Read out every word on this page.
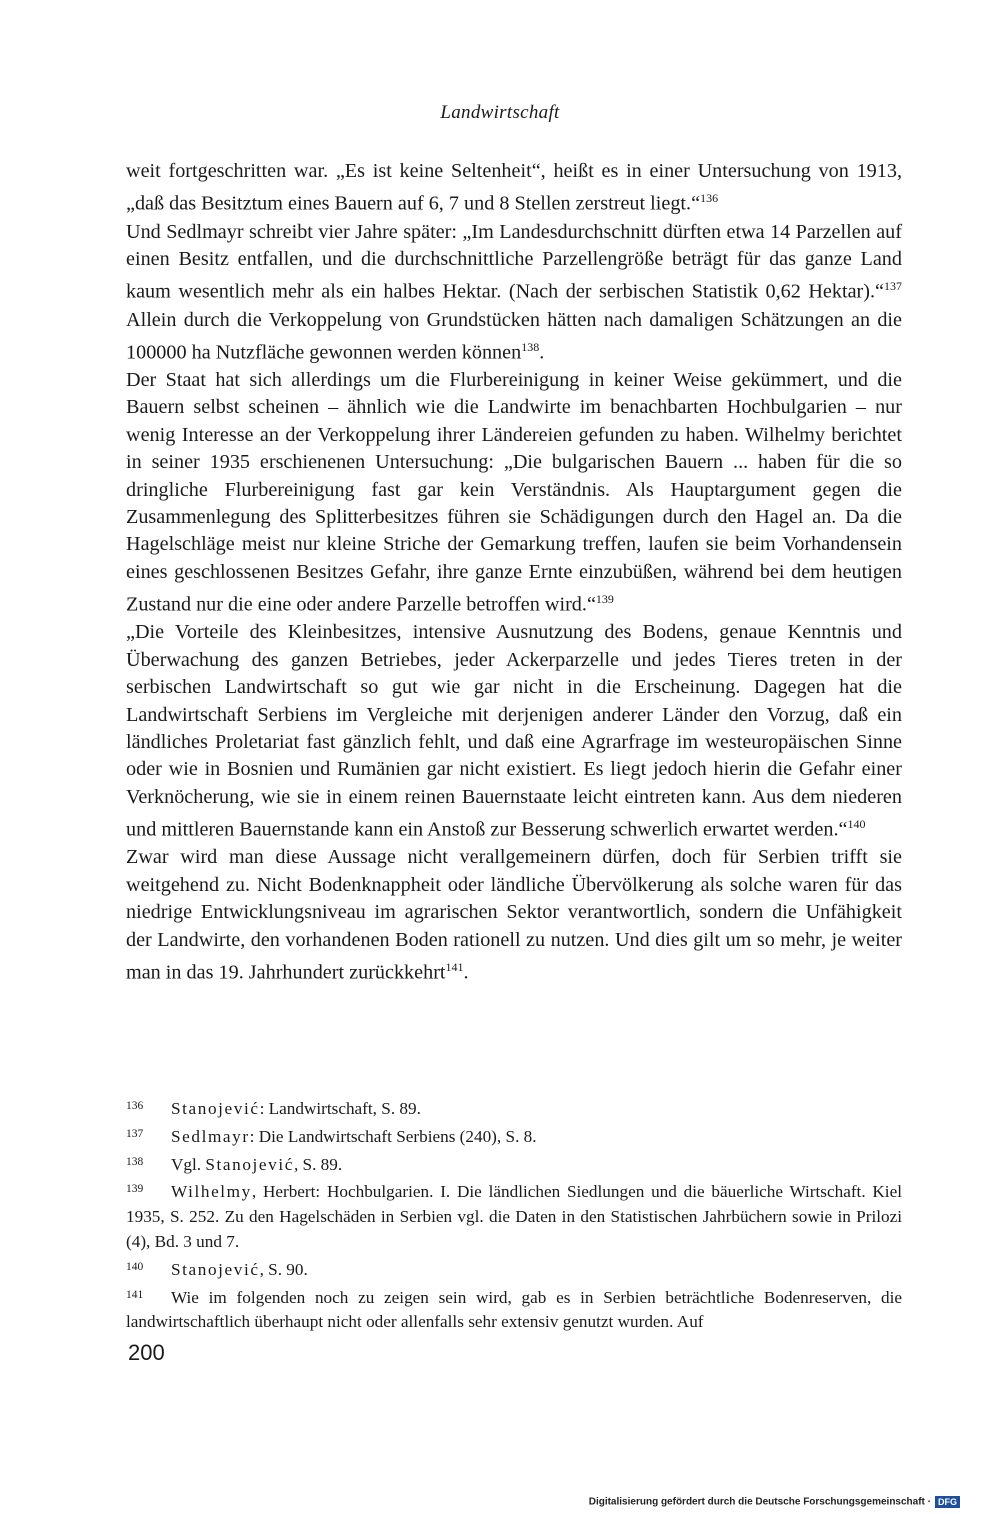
Landwirtschaft

weit fortgeschritten war. „Es ist keine Seltenheit“, heißt es in einer Untersuchung von 1913, „daß das Besitztum eines Bauern auf 6, 7 und 8 Stellen zerstreut liegt.“$^{136}$
Und Sedlmayr schreibt vier Jahre später: „Im Landesdurchschnitt dürften etwa 14 Parzellen auf einen Besitz entfallen, und die durchschnittliche Parzellengröße beträgt für das ganze Land kaum wesentlich mehr als ein halbes Hektar. (Nach der serbischen Statistik 0,62 Hektar).“$^{137}$ Allein durch die Verkoppelung von Grundstücken hätten nach damaligen Schätzungen an die 100000 ha Nutzfläche gewonnen werden können$^{138}$.

Der Staat hat sich allerdings um die Flurbereinigung in keiner Weise gekümmert, und die Bauern selbst scheinen – ähnlich wie die Landwirte im benachbarten Hochbulgarien – nur wenig Interesse an der Verkoppelung ihrer Ländereien gefunden zu haben. Wilhelmy berichtet in seiner 1935 erschienenen Untersuchung: „Die bulgarischen Bauern ... haben für die so dringliche Flurbereinigung fast gar kein Verständnis. Als Hauptargument gegen die Zusammenlegung des Splitterbesitzes führen sie Schädigungen durch den Hagel an. Da die Hagelschläge meist nur kleine Striche der Gemarkung treffen, laufen sie beim Vorhandensein eines geschlossenen Besitzes Gefahr, ihre ganze Ernte einzubüßen, während bei dem heutigen Zustand nur die eine oder andere Parzelle betroffen wird.“$^{139}$

„Die Vorteile des Kleinbesitzes, intensive Ausnutzung des Bodens, genaue Kenntnis und Überwachung des ganzen Betriebes, jeder Ackerparzelle und jedes Tieres treten in der serbischen Landwirtschaft so gut wie gar nicht in die Erscheinung. Dagegen hat die Landwirtschaft Serbiens im Vergleiche mit derjenigen anderer Länder den Vorzug, daß ein ländliches Proletariat fast gänzlich fehlt, und daß eine Agrarfrage im westeuropäischen Sinne oder wie in Bosnien und Rumänien gar nicht existiert. Es liegt jedoch hierin die Gefahr einer Verknöcherung, wie sie in einem reinen Bauernstaate leicht eintreten kann. Aus dem niederen und mittleren Bauernstande kann ein Anstoß zur Besserung schwerlich erwartet werden.“$^{140}$
Zwar wird man diese Aussage nicht verallgemeinern dürfen, doch für Serbien trifft sie weitgehend zu. Nicht Bodenknappheit oder ländliche Übervölkerung als solche waren für das niedrige Entwicklungsniveau im agrarischen Sektor verantwortlich, sondern die Unfähigkeit der Landwirte, den vorhandenen Boden rationell zu nutzen. Und dies gilt um so mehr, je weiter man in das 19. Jahrhundert zurückkehrt$^{141}$.

136 Stanojević: Landwirtschaft, S. 89.

137 Sedlmayr: Die Landwirtschaft Serbiens (240), S. 8.

138 Vgl. Stanojević, S. 89.

139 Wilhelmy, Herbert: Hochbulgarien. I. Die ländlichen Siedlungen und die bäuerliche Wirtschaft. Kiel 1935, S. 252. Zu den Hagelschäden in Serbien vgl. die Daten in den Statistischen Jahrbüchern sowie in Prilozi (4), Bd. 3 und 7.

140 Stanojević, S. 90.

141 Wie im folgenden noch zu zeigen sein wird, gab es in Serbien beträchtliche Bodenreserven, die landwirtschaftlich überhaupt nicht oder allenfalls sehr extensiv genutzt wurden. Auf

200
Digitalisierung gefördert durch die Deutsche Forschungsgemeinschaft · DFG
